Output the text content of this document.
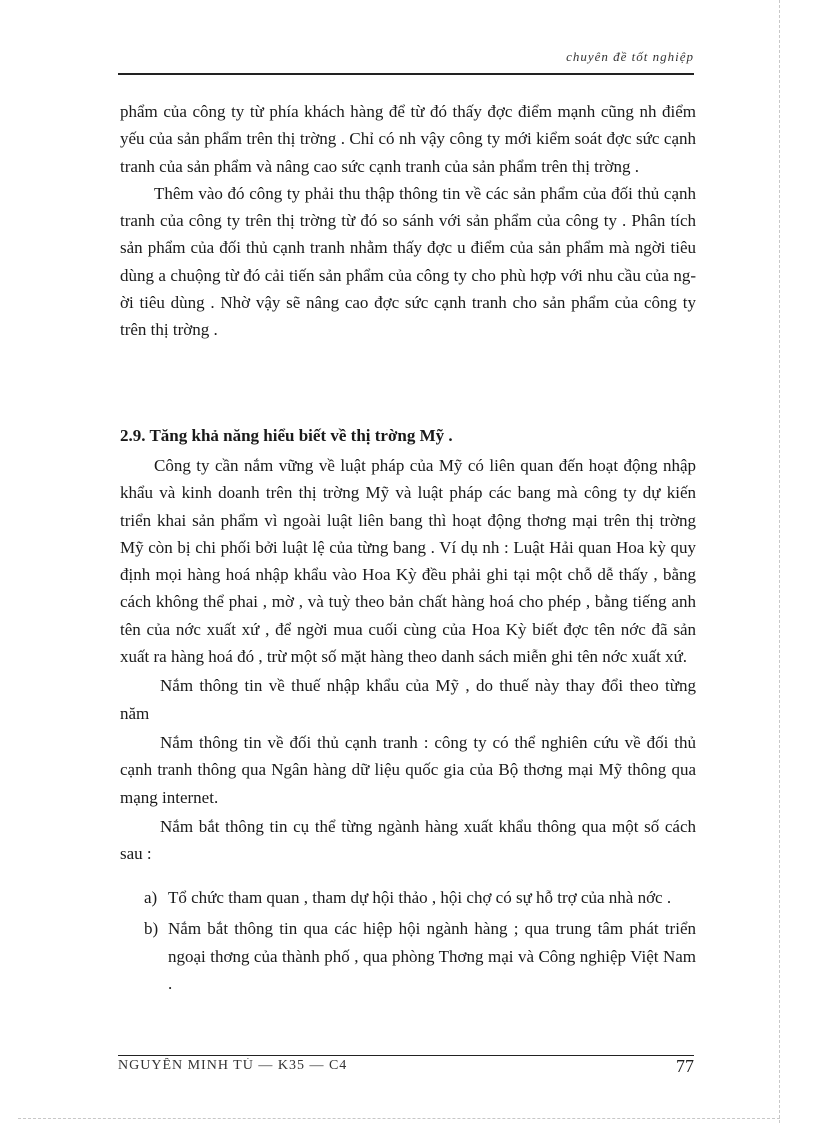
chuyên đề tốt nghiệp

phẩm của công ty từ phía khách hàng để từ đó thấy đợc điểm mạnh cũng nh điểm yếu của sản phẩm trên thị trờng . Chỉ có nh vậy công ty mới kiểm soát đợc sức cạnh tranh của sản phẩm và nâng cao sức cạnh tranh của sản phẩm trên thị trờng .

Thêm vào đó công ty phải thu thập thông tin về các sản phẩm của đối thủ cạnh tranh của công ty trên thị trờng từ đó so sánh với sản phẩm của công ty . Phân tích sản phẩm của đối thủ cạnh tranh nhằm thấy đợc u điểm của sản phẩm mà ngời tiêu dùng a chuộng từ đó cải tiến sản phẩm của công ty cho phù hợp với nhu cầu của ngời tiêu dùng . Nhờ vậy sẽ nâng cao đợc sức cạnh tranh cho sản phẩm của công ty trên thị trờng .

2.9. Tăng khả năng hiểu biết về thị trờng Mỹ .

Công ty cần nắm vững về luật pháp của Mỹ có liên quan đến hoạt động nhập khẩu và kinh doanh trên thị trờng Mỹ và luật pháp các bang mà công ty dự kiến triển khai sản phẩm vì ngoài luật liên bang thì hoạt động thơng mại trên thị trờng Mỹ còn bị chi phối bởi luật lệ của từng bang . Ví dụ nh : Luật Hải quan Hoa kỳ quy định mọi hàng hoá nhập khẩu vào Hoa Kỳ đều phải ghi tại một chỗ dễ thấy , bằng cách không thể phai , mờ , và tuỳ theo bản chất hàng hoá cho phép , bằng tiếng anh tên của nớc xuất xứ , để ngời mua cuối cùng của Hoa Kỳ biết đợc tên nớc đã sản xuất ra hàng hoá đó , trừ một số mặt hàng theo danh sách miễn ghi tên nớc xuất xứ.

Nắm thông tin về thuế nhập khẩu của Mỹ , do thuế này thay đổi theo từng năm

Nắm thông tin về đối thủ cạnh tranh : công ty có thể nghiên cứu về đối thủ cạnh tranh thông qua Ngân hàng dữ liệu quốc gia của Bộ thơng mại Mỹ thông qua mạng internet.

Nắm bắt thông tin cụ thể từng ngành hàng xuất khẩu thông qua một số cách sau :

a) Tổ chức tham quan , tham dự hội thảo , hội chợ có sự hỗ trợ của nhà nớc .
b) Nắm bắt thông tin qua các hiệp hội ngành hàng ; qua trung tâm phát triển ngoại thơng của thành phố , qua phòng Thơng mại và Công nghiệp Việt Nam .
NGUYỄN MINH TÚ — K35 — C4	77
